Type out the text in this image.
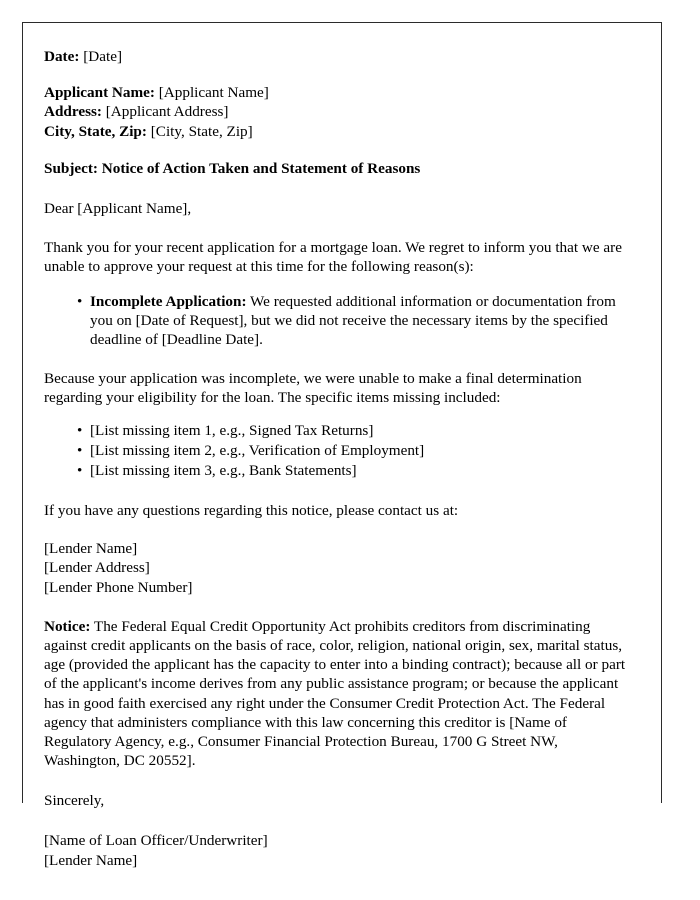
Date: [Date]
Applicant Name: [Applicant Name]
Address: [Applicant Address]
City, State, Zip: [City, State, Zip]
Subject: Notice of Action Taken and Statement of Reasons
Dear [Applicant Name],
Thank you for your recent application for a mortgage loan. We regret to inform you that we are unable to approve your request at this time for the following reason(s):
• Incomplete Application: We requested additional information or documentation from you on [Date of Request], but we did not receive the necessary items by the specified deadline of [Deadline Date].
Because your application was incomplete, we were unable to make a final determination regarding your eligibility for the loan. The specific items missing included:
• [List missing item 1, e.g., Signed Tax Returns]
• [List missing item 2, e.g., Verification of Employment]
• [List missing item 3, e.g., Bank Statements]
If you have any questions regarding this notice, please contact us at:
[Lender Name]
[Lender Address]
[Lender Phone Number]
Notice: The Federal Equal Credit Opportunity Act prohibits creditors from discriminating against credit applicants on the basis of race, color, religion, national origin, sex, marital status, age (provided the applicant has the capacity to enter into a binding contract); because all or part of the applicant's income derives from any public assistance program; or because the applicant has in good faith exercised any right under the Consumer Credit Protection Act. The Federal agency that administers compliance with this law concerning this creditor is [Name of Regulatory Agency, e.g., Consumer Financial Protection Bureau, 1700 G Street NW, Washington, DC 20552].
Sincerely,
[Name of Loan Officer/Underwriter]
[Lender Name]
